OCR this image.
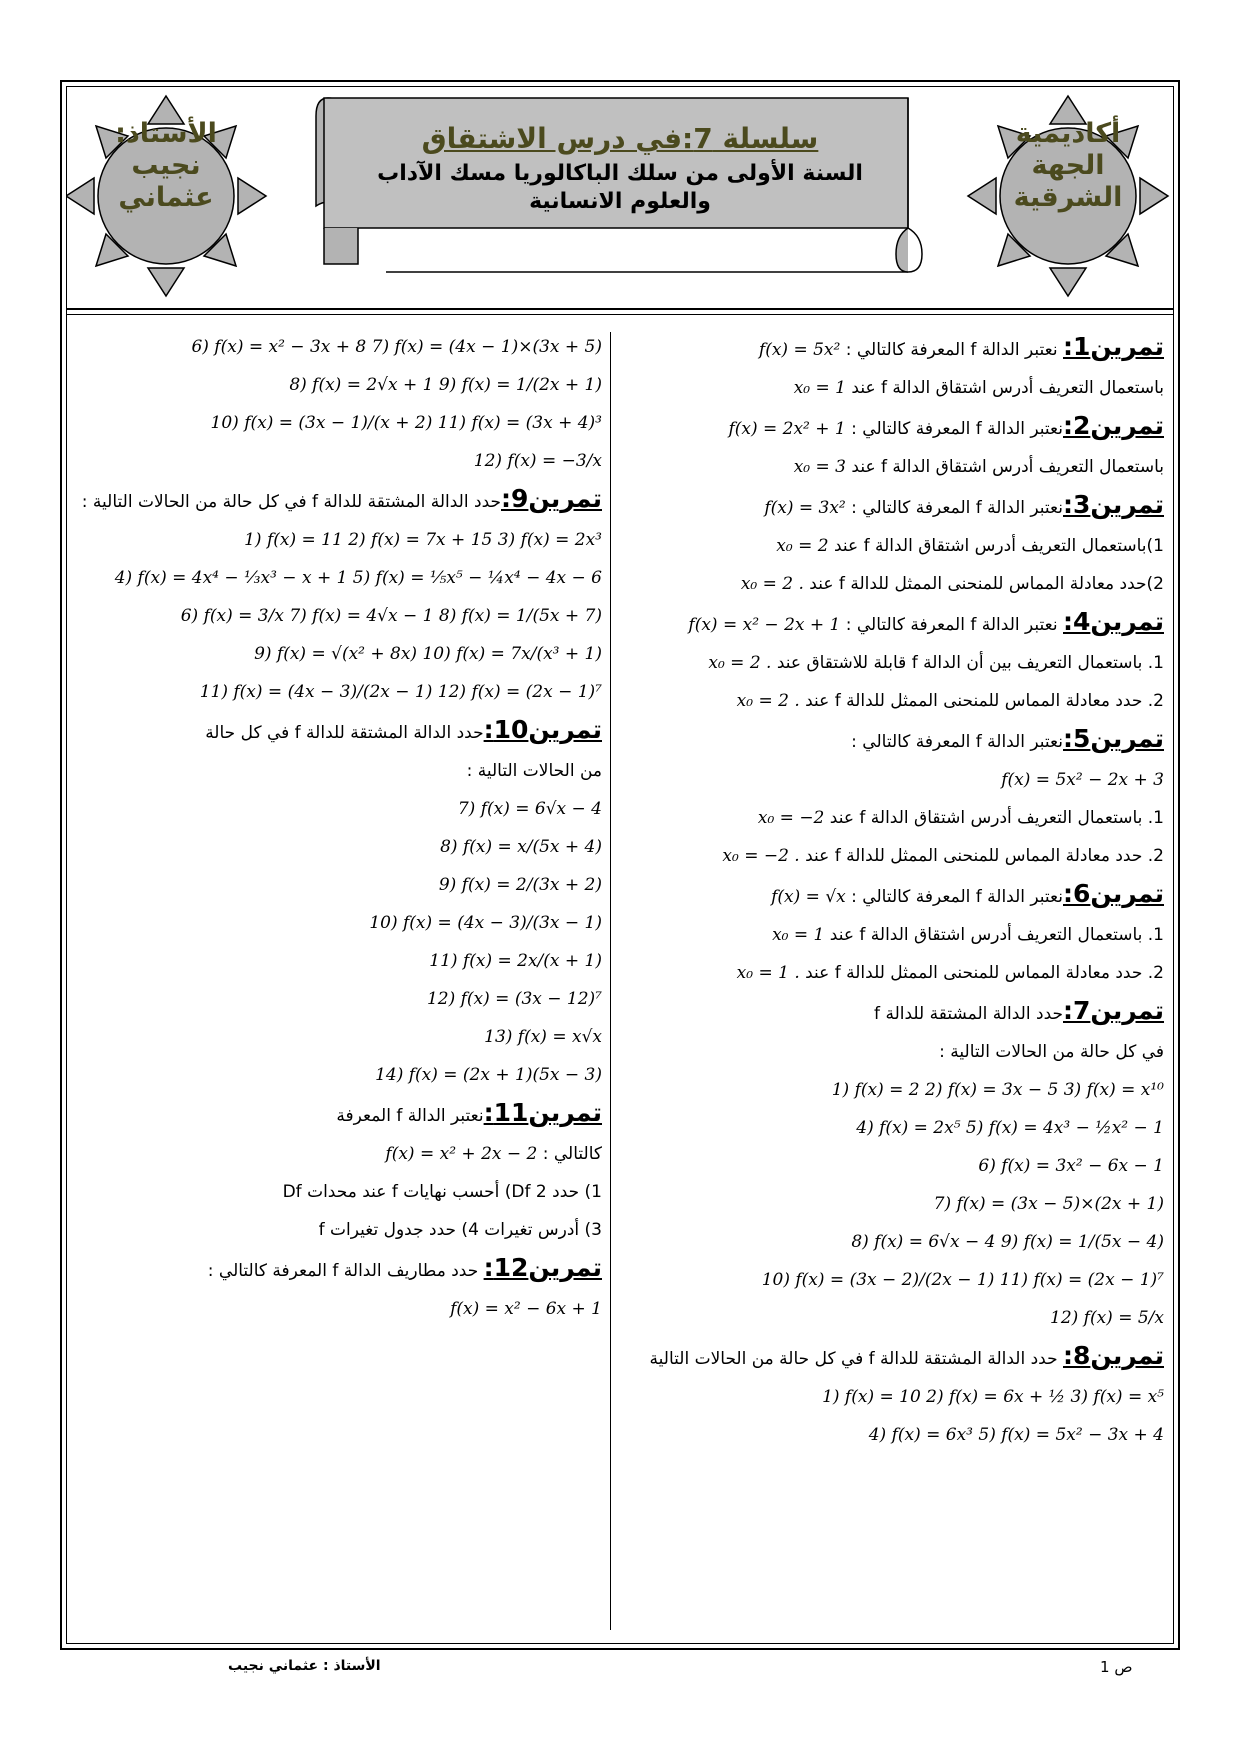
الأستاذ:
نجيب
عثماني
أكاديمية
الجهة
الشرقية
سلسلة 7:في درس الاشتقاق
السنة الأولى من سلك الباكالوريا مسك الآداب
والعلوم الانسانية
تمرين1: نعتبر الدالة f المعرفة كالتالي : f(x) = 5x²
باستعمال التعريف أدرس اشتقاق الدالة f عند x₀ = 1
تمرين2:نعتبر الدالة f المعرفة كالتالي : f(x) = 2x² + 1
باستعمال التعريف أدرس اشتقاق الدالة f عند x₀ = 3
تمرين3:نعتبر الدالة f المعرفة كالتالي : f(x) = 3x²
1)باستعمال التعريف أدرس اشتقاق الدالة f عند x₀ = 2
2)حدد معادلة المماس للمنحنى الممثل للدالة f عند x₀ = 2 .
تمرين4: نعتبر الدالة f المعرفة كالتالي : f(x) = x² − 2x + 1
1. باستعمال التعريف بين أن الدالة f قابلة للاشتقاق عند x₀ = 2 .
2. حدد معادلة المماس للمنحنى الممثل للدالة f عند x₀ = 2 .
تمرين5:نعتبر الدالة f المعرفة كالتالي :
f(x) = 5x² − 2x + 3
1. باستعمال التعريف أدرس اشتقاق الدالة f عند x₀ = −2
2. حدد معادلة المماس للمنحنى الممثل للدالة f عند x₀ = −2 .
تمرين6:نعتبر الدالة f المعرفة كالتالي : f(x) = √x
1. باستعمال التعريف أدرس اشتقاق الدالة f عند x₀ = 1
2. حدد معادلة المماس للمنحنى الممثل للدالة f عند x₀ = 1 .
تمرين7:حدد الدالة المشتقة للدالة f
في كل حالة من الحالات التالية :
1) f(x) = 2 2) f(x) = 3x − 5 3) f(x) = x¹⁰
4) f(x) = 2x⁵ 5) f(x) = 4x³ − ½x² − 1
6) f(x) = 3x² − 6x − 1
7) f(x) = (3x − 5)×(2x + 1)
8) f(x) = 6√x − 4 9) f(x) = 1/(5x − 4)
10) f(x) = (3x − 2)/(2x − 1) 11) f(x) = (2x − 1)⁷
12) f(x) = 5/x
تمرين8: حدد الدالة المشتقة للدالة f في كل حالة من الحالات التالية
1) f(x) = 10 2) f(x) = 6x + ½ 3) f(x) = x⁵
4) f(x) = 6x³ 5) f(x) = 5x² − 3x + 4
6) f(x) = x² − 3x + 8 7) f(x) = (4x − 1)×(3x + 5)
8) f(x) = 2√x + 1 9) f(x) = 1/(2x + 1)
10) f(x) = (3x − 1)/(x + 2) 11) f(x) = (3x + 4)³
12) f(x) = −3/x
تمرين9:حدد الدالة المشتقة للدالة f في كل حالة من الحالات التالية :
1) f(x) = 11 2) f(x) = 7x + 15 3) f(x) = 2x³
4) f(x) = 4x⁴ − ⅓x³ − x + 1 5) f(x) = ⅕x⁵ − ¼x⁴ − 4x − 6
6) f(x) = 3/x 7) f(x) = 4√x − 1 8) f(x) = 1/(5x + 7)
9) f(x) = √(x² + 8x) 10) f(x) = 7x/(x³ + 1)
11) f(x) = (4x − 3)/(2x − 1) 12) f(x) = (2x − 1)⁷
تمرين10:حدد الدالة المشتقة للدالة f في كل حالة
من الحالات التالية :
7) f(x) = 6√x − 4
8) f(x) = x/(5x + 4)
9) f(x) = 2/(3x + 2)
10) f(x) = (4x − 3)/(3x − 1)
11) f(x) = 2x/(x + 1)
12) f(x) = (3x − 12)⁷
13) f(x) = x√x
14) f(x) = (2x + 1)(5x − 3)
تمرين11:نعتبر الدالة f المعرفة
كالتالي : f(x) = x² + 2x − 2
1) حدد Df 2) أحسب نهايات f عند محدات Df
3) أدرس تغيرات 4) حدد جدول تغيرات f
تمرين12: حدد مطاريف الدالة f المعرفة كالتالي :
f(x) = x² − 6x + 1
ص 1
الأستاذ : عثماني نجيب
